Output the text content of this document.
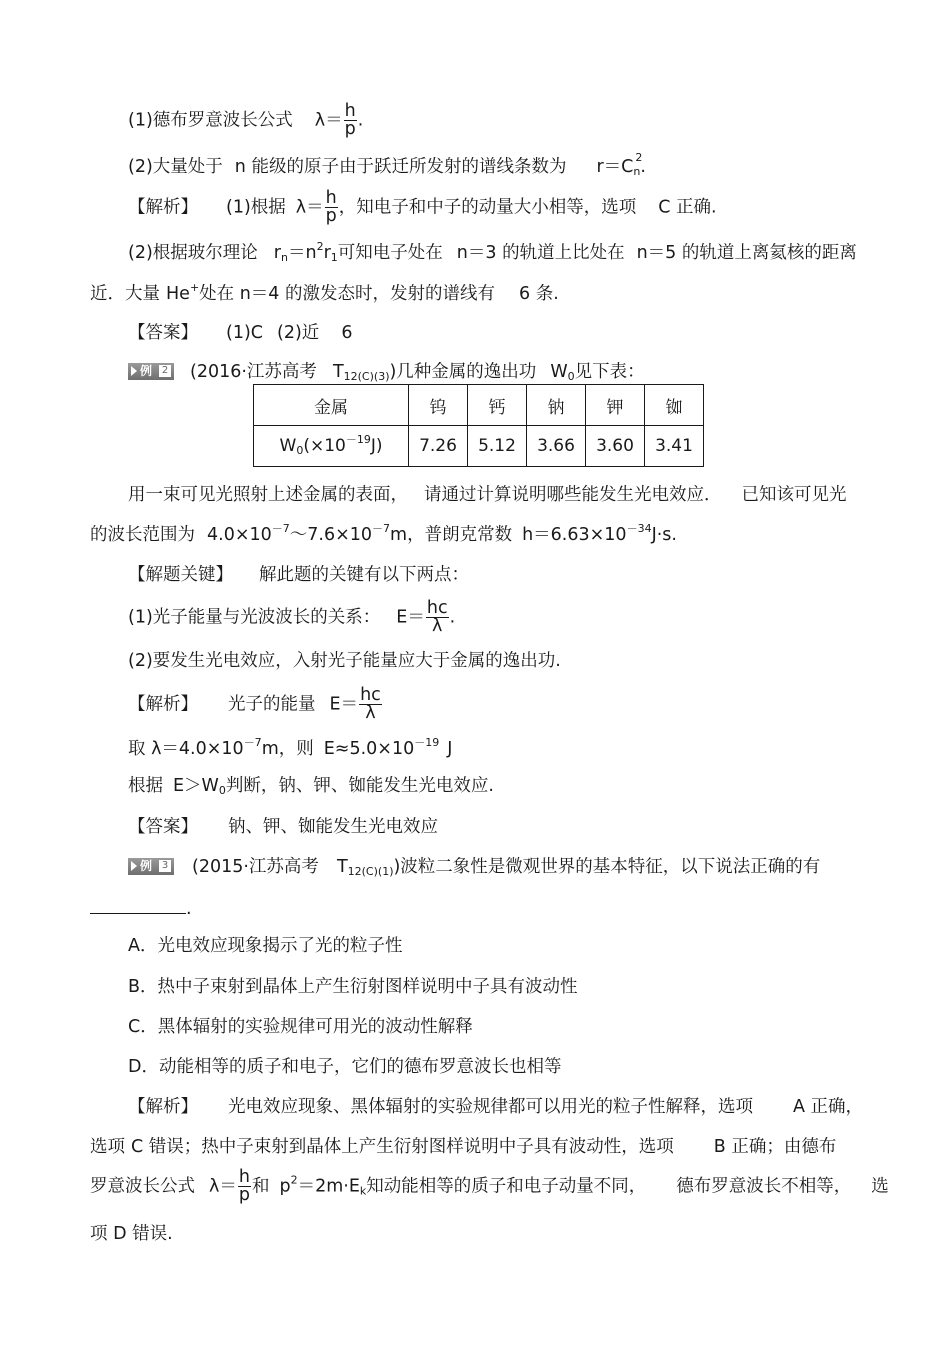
(1)德布罗意波长公式 $\lambda= \frac{h}{p}$ .
(2)大量处于 n 能级的原子由于跃迁所发射的谱线条数为 r＝C 2
$_n$.
【解析】 (1)根据 $\lambda= \frac{h}{p}$ ，知电子和中子的动量大小相等，选项 C 正确.
(2)根据玻尔理论 $r_n=n^2r_1$可知电子处在 n＝3 的轨道上比处在 n＝5 的轨道上离氦核的距离
近．大量 He+处在 n＝4 的激发态时，发射的谱线有 6 条.
【答案】 (1)C (2)近 6
例 2 (2016·江苏高考 $T_{12(C)(3)}$)几种金属的逸出功 $W_0$见下表：
金属	钨	钙	钠	钾	铷
$W_0(\times 10^{-19}J)$	7.26	5.12	3.66	3.60	3.41
用一束可见光照射上述金属的表面， 请通过计算说明哪些能发生光电效应． 已知该可见光
的波长范围为 $4.0\times 10^{-7}\sim 7.6\times 10^{-7}m$，普朗克常数 $h=6.63\times 10^{-34}J\cdot s$.
【解题关键】 解此题的关键有以下两点：
(1)光子能量与光波波长的关系： $E= \frac{hc}{\lambda}$ .
(2)要发生光电效应，入射光子能量应大于金属的逸出功.
【解析】 光子的能量 $E= \frac{hc}{\lambda}$
取 $\lambda=4.0\times 10^{-7}m$，则 $E\approx 5.0\times 10^{-19}$ J
根据 $E>W_0$判断，钠、钾、铷能发生光电效应.
【答案】 钠、钾、铷能发生光电效应
例 3 (2015·江苏高考 $T_{12(C)(1)}$)波粒二象性是微观世界的基本特征，以下说法正确的有
.
A．光电效应现象揭示了光的粒子性
B．热中子束射到晶体上产生衍射图样说明中子具有波动性
C．黑体辐射的实验规律可用光的波动性解释
D．动能相等的质子和电子，它们的德布罗意波长也相等
【解析】 光电效应现象、黑体辐射的实验规律都可以用光的粒子性解释，选项 A 正确，
选项 C 错误；热中子束射到晶体上产生衍射图样说明中子具有波动性，选项 B 正确；由德布
罗意波长公式 $\lambda= \frac{h}{p}$ 和 $p^2=2m\cdot E_k$知动能相等的质子和电子动量不同， 德布罗意波长不相等， 选
项 D 错误.
